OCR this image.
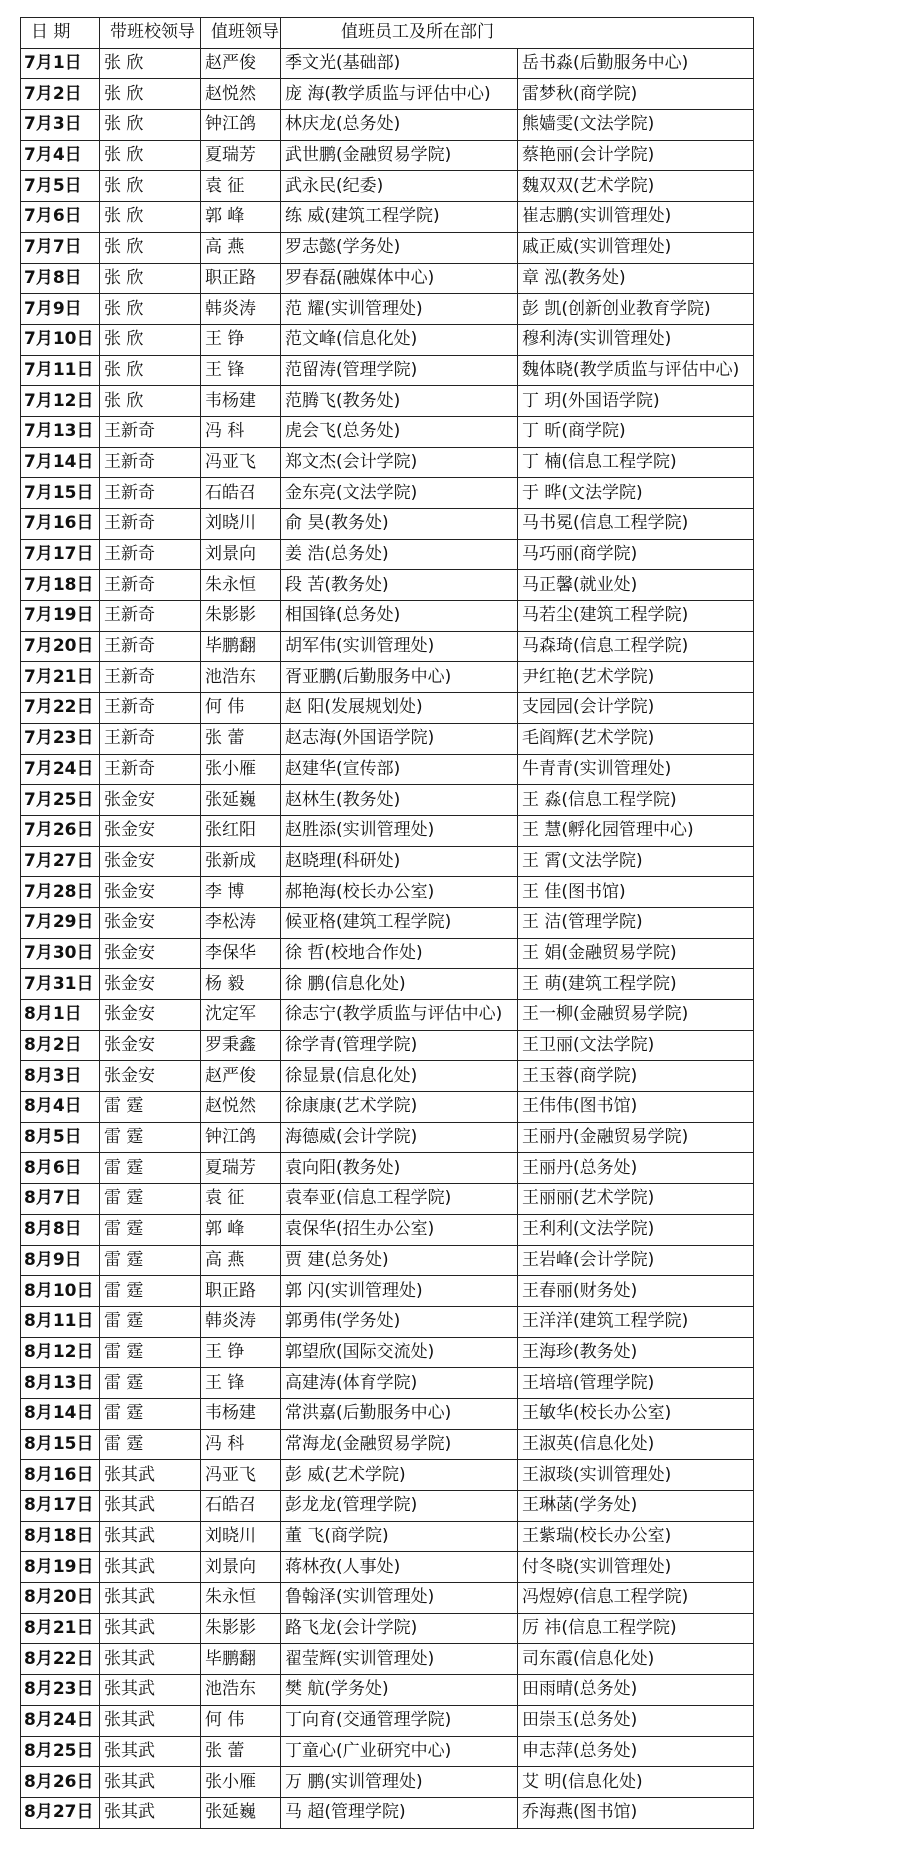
日 期	带班校领导	值班领导	值班员工及所在部门	
7月1日	张 欣	赵严俊	季文光(基础部)	岳书淼(后勤服务中心)
7月2日	张 欣	赵悦然	庞 海(教学质监与评估中心)	雷梦秋(商学院)
7月3日	张 欣	钟江鸽	林庆龙(总务处)	熊嫱雯(文法学院)
7月4日	张 欣	夏瑞芳	武世鹏(金融贸易学院)	蔡艳丽(会计学院)
7月5日	张 欣	袁 征	武永民(纪委)	魏双双(艺术学院)
7月6日	张 欣	郭 峰	练 威(建筑工程学院)	崔志鹏(实训管理处)
7月7日	张 欣	高 燕	罗志懿(学务处)	戚正威(实训管理处)
7月8日	张 欣	职正路	罗春磊(融媒体中心)	章 泓(教务处)
7月9日	张 欣	韩炎涛	范 耀(实训管理处)	彭 凯(创新创业教育学院)
7月10日	张 欣	王 铮	范文峰(信息化处)	穆利涛(实训管理处)
7月11日	张 欣	王 锋	范留涛(管理学院)	魏体晓(教学质监与评估中心)
7月12日	张 欣	韦杨建	范腾飞(教务处)	丁 玥(外国语学院)
7月13日	王新奇	冯 科	虎会飞(总务处)	丁 昕(商学院)
7月14日	王新奇	冯亚飞	郑文杰(会计学院)	丁 楠(信息工程学院)
7月15日	王新奇	石皓召	金东亮(文法学院)	于 晔(文法学院)
7月16日	王新奇	刘晓川	俞 昊(教务处)	马书冕(信息工程学院)
7月17日	王新奇	刘景向	姜 浩(总务处)	马巧丽(商学院)
7月18日	王新奇	朱永恒	段 苦(教务处)	马正馨(就业处)
7月19日	王新奇	朱影影	相国锋(总务处)	马若尘(建筑工程学院)
7月20日	王新奇	毕鹏翻	胡军伟(实训管理处)	马森琦(信息工程学院)
7月21日	王新奇	池浩东	胥亚鹏(后勤服务中心)	尹红艳(艺术学院)
7月22日	王新奇	何 伟	赵 阳(发展规划处)	支园园(会计学院)
7月23日	王新奇	张 蕾	赵志海(外国语学院)	毛阎辉(艺术学院)
7月24日	王新奇	张小雁	赵建华(宣传部)	牛青青(实训管理处)
7月25日	张金安	张延巍	赵林生(教务处)	王 淼(信息工程学院)
7月26日	张金安	张红阳	赵胜添(实训管理处)	王 慧(孵化园管理中心)
7月27日	张金安	张新成	赵晓理(科研处)	王 霄(文法学院)
7月28日	张金安	李 博	郝艳海(校长办公室)	王 佳(图书馆)
7月29日	张金安	李松涛	候亚格(建筑工程学院)	王 洁(管理学院)
7月30日	张金安	李保华	徐 哲(校地合作处)	王 娟(金融贸易学院)
7月31日	张金安	杨 毅	徐 鹏(信息化处)	王 萌(建筑工程学院)
8月1日	张金安	沈定军	徐志宁(教学质监与评估中心)	王一柳(金融贸易学院)
8月2日	张金安	罗秉鑫	徐学青(管理学院)	王卫丽(文法学院)
8月3日	张金安	赵严俊	徐显景(信息化处)	王玉蓉(商学院)
8月4日	雷 霆	赵悦然	徐康康(艺术学院)	王伟伟(图书馆)
8月5日	雷 霆	钟江鸽	海德威(会计学院)	王丽丹(金融贸易学院)
8月6日	雷 霆	夏瑞芳	袁向阳(教务处)	王丽丹(总务处)
8月7日	雷 霆	袁 征	袁奉亚(信息工程学院)	王丽丽(艺术学院)
8月8日	雷 霆	郭 峰	袁保华(招生办公室)	王利利(文法学院)
8月9日	雷 霆	高 燕	贾 建(总务处)	王岩峰(会计学院)
8月10日	雷 霆	职正路	郭 闪(实训管理处)	王春丽(财务处)
8月11日	雷 霆	韩炎涛	郭勇伟(学务处)	王洋洋(建筑工程学院)
8月12日	雷 霆	王 铮	郭望欣(国际交流处)	王海珍(教务处)
8月13日	雷 霆	王 锋	高建涛(体育学院)	王培培(管理学院)
8月14日	雷 霆	韦杨建	常洪嘉(后勤服务中心)	王敏华(校长办公室)
8月15日	雷 霆	冯 科	常海龙(金融贸易学院)	王淑英(信息化处)
8月16日	张其武	冯亚飞	彭 威(艺术学院)	王淑琰(实训管理处)
8月17日	张其武	石皓召	彭龙龙(管理学院)	王琳菡(学务处)
8月18日	张其武	刘晓川	董 飞(商学院)	王紫瑞(校长办公室)
8月19日	张其武	刘景向	蒋林孜(人事处)	付冬晓(实训管理处)
8月20日	张其武	朱永恒	鲁翰泽(实训管理处)	冯煜婷(信息工程学院)
8月21日	张其武	朱影影	路飞龙(会计学院)	厉 祎(信息工程学院)
8月22日	张其武	毕鹏翻	翟莹辉(实训管理处)	司东霞(信息化处)
8月23日	张其武	池浩东	樊 航(学务处)	田雨晴(总务处)
8月24日	张其武	何 伟	丁向育(交通管理学院)	田崇玉(总务处)
8月25日	张其武	张 蕾	丁童心(广业研究中心)	申志萍(总务处)
8月26日	张其武	张小雁	万 鹏(实训管理处)	艾 明(信息化处)
8月27日	张其武	张延巍	马 超(管理学院)	乔海燕(图书馆)
